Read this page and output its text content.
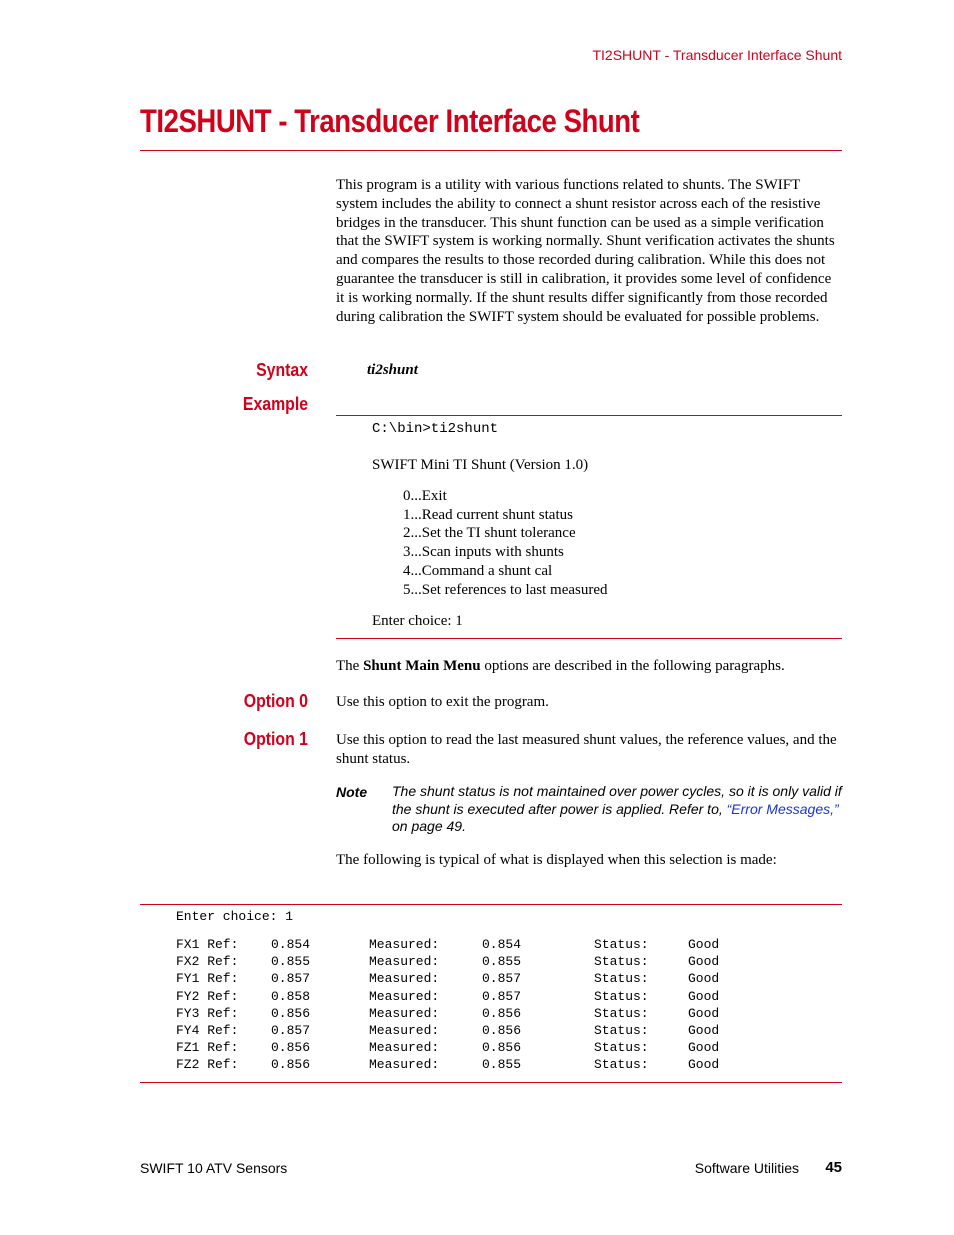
TI2SHUNT - Transducer Interface Shunt
TI2SHUNT - Transducer Interface Shunt
This program is a utility with various functions related to shunts. The SWIFT system includes the ability to connect a shunt resistor across each of the resistive bridges in the transducer. This shunt function can be used as a simple verification that the SWIFT system is working normally. Shunt verification activates the shunts and compares the results to those recorded during calibration. While this does not guarantee the transducer is still in calibration, it provides some level of confidence it is working normally. If the shunt results differ significantly from those recorded during calibration the SWIFT system should be evaluated for possible problems.
Syntax	ti2shunt
Example
C:\bin>ti2shunt
SWIFT Mini TI Shunt (Version 1.0)
0...Exit
1...Read current shunt status
2...Set the TI shunt tolerance
3...Scan inputs with shunts
4...Command a shunt cal
5...Set references to last measured
Enter choice: 1
The Shunt Main Menu options are described in the following paragraphs.
Option 0 Use this option to exit the program.
Option 1 Use this option to read the last measured shunt values, the reference values, and the shunt status.
Note The shunt status is not maintained over power cycles, so it is only valid if the shunt is executed after power is applied. Refer to, “Error Messages,” on page 49.
The following is typical of what is displayed when this selection is made:
Enter choice: 1
FX1 Ref:	0.854	Measured:	0.854	Status:	Good
FX2 Ref:	0.855	Measured:	0.855	Status:	Good
FY1 Ref:	0.857	Measured:	0.857	Status:	Good
FY2 Ref:	0.858	Measured:	0.857	Status:	Good
FY3 Ref:	0.856	Measured:	0.856	Status:	Good
FY4 Ref:	0.857	Measured:	0.856	Status:	Good
FZ1 Ref:	0.856	Measured:	0.856	Status:	Good
FZ2 Ref:	0.856	Measured:	0.855	Status:	Good
SWIFT 10 ATV Sensors	Software Utilities 45
